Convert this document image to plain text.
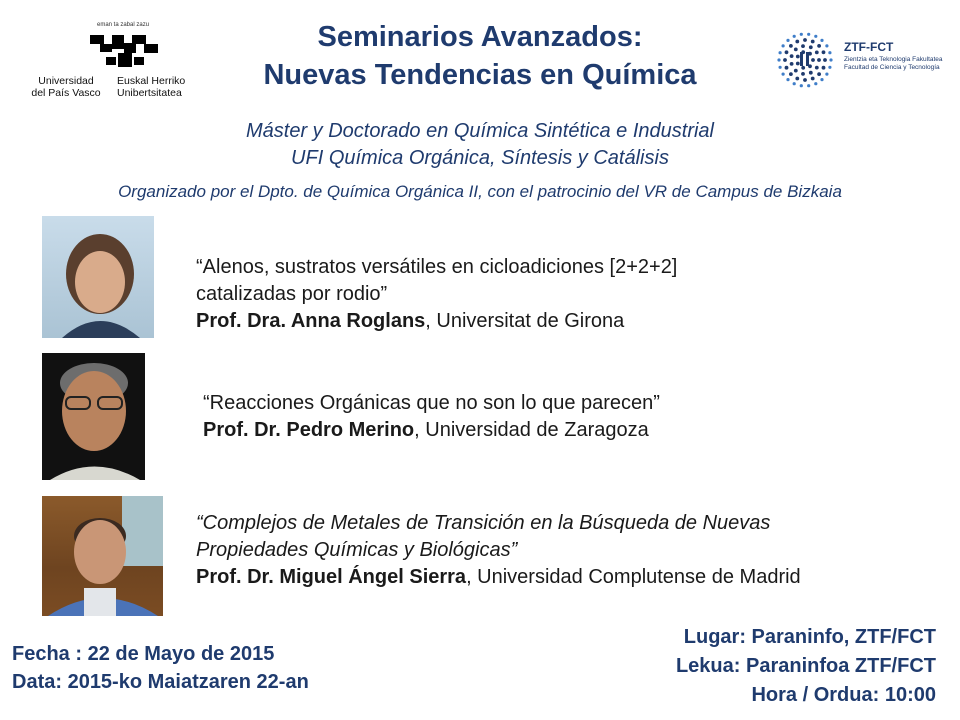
eman ta zabal zazu
Universidad
del País Vasco
Euskal Herriko
Unibertsitatea
Seminarios Avanzados:
Nuevas Tendencias en Química
ZTF-FCT
Zientzia eta Teknologia Fakultatea
Facultad de Ciencia y Tecnología
Máster y Doctorado en Química Sintética e Industrial
UFI Química Orgánica, Síntesis y Catálisis
Organizado por el Dpto. de Química Orgánica II, con el patrocinio del VR de Campus de Bizkaia
“Alenos, sustratos versátiles en cicloadiciones [2+2+2]
catalizadas por rodio”
Prof. Dra. Anna Roglans, Universitat de Girona
“Reacciones Orgánicas que no son lo que parecen”
Prof. Dr. Pedro Merino, Universidad de Zaragoza
“Complejos de Metales de Transición en la Búsqueda de Nuevas
Propiedades Químicas y Biológicas”
Prof. Dr. Miguel Ángel Sierra, Universidad Complutense de Madrid
Fecha : 22 de Mayo de 2015
Data: 2015-ko Maiatzaren 22-an
Lugar: Paraninfo, ZTF/FCT
Lekua: Paraninfoa ZTF/FCT
Hora / Ordua: 10:00
